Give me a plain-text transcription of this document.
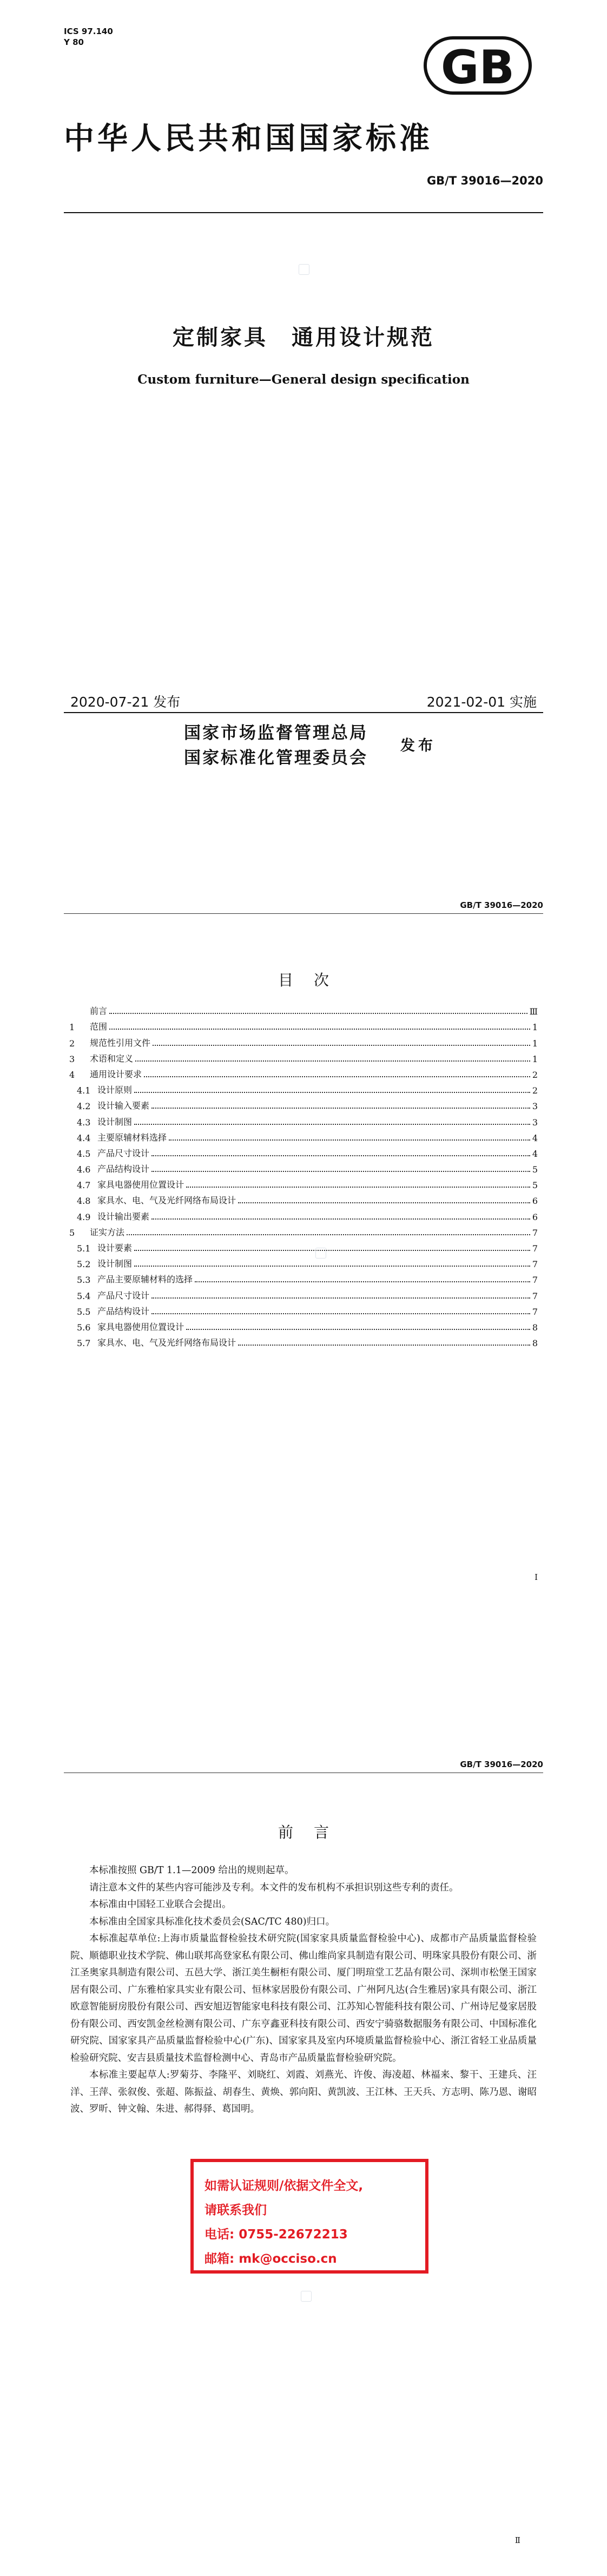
ICS 97.140
Y 80	GB
中华人民共和国国家标准
GB/T 39016—2020
定制家具　通用设计规范
Custom furniture—General design specification
2020-07-21 发布	2021-02-01 实施
国家市场监督管理总局
国家标准化管理委员会
发布
GB/T 39016—2020
目次
前言	Ⅲ
1	范围	1
2	规范性引用文件	1
3	术语和定义	1
4	通用设计要求	2
4.1 设计原则	2
4.2 设计输入要素	3
4.3 设计制图	3
4.4 主要原辅材料选择	4
4.5 产品尺寸设计	4
4.6 产品结构设计	5
4.7 家具电器使用位置设计	5
4.8 家具水、电、气及光纤网络布局设计	6
4.9 设计输出要素	6
5	证实方法	7
5.1 设计要素	7
5.2 设计制图	7
5.3 产品主要原辅材料的选择	7
5.4 产品尺寸设计	7
5.5 产品结构设计	7
5.6 家具电器使用位置设计	8
5.7 家具水、电、气及光纤网络布局设计	8
Ⅰ
GB/T 39016—2020
前言

本标准按照 GB/T 1.1—2009 给出的规则起草。

请注意本文件的某些内容可能涉及专利。本文件的发布机构不承担识别这些专利的责任。

本标准由中国轻工业联合会提出。

本标准由全国家具标准化技术委员会(SAC/TC 480)归口。

本标准起草单位:上海市质量监督检验技术研究院(国家家具质量监督检验中心)、成都市产品质量监督检验院、顺德职业技术学院、佛山联邦高登家私有限公司、佛山维尚家具制造有限公司、明珠家具股份有限公司、浙江圣奥家具制造有限公司、五邑大学、浙江美生橱柜有限公司、厦门明瑄堂工艺品有限公司、深圳市松堡王国家居有限公司、广东雅柏家具实业有限公司、恒林家居股份有限公司、广州阿凡达(合生雅居)家具有限公司、浙江欧意智能厨房股份有限公司、西安旭迈智能家电科技有限公司、江苏知心智能科技有限公司、广州诗尼曼家居股份有限公司、西安凯金丝检测有限公司、广东亨鑫亚科技有限公司、西安宁骑骆数据服务有限公司、中国标准化研究院、国家家具产品质量监督检验中心(广东)、国家家具及室内环境质量监督检验中心、浙江省轻工业品质量检验研究院、安吉县质量技术监督检测中心、青岛市产品质量监督检验研究院。

本标准主要起草人:罗菊芬、李隆平、刘晓红、刘霞、刘燕光、许俊、海凌超、林福来、黎干、王建兵、汪洋、王萍、张叙俊、张超、陈振益、胡春生、黄焕、郭向阳、黄凯波、王江林、王天兵、方志明、陈乃恩、谢昭波、罗昕、钟文翰、朱进、郝得驿、葛国明。

如需认证规则/依据文件全文,
请联系我们
电话: 0755-22672213
邮箱: mk@occiso.cn
Ⅱ
